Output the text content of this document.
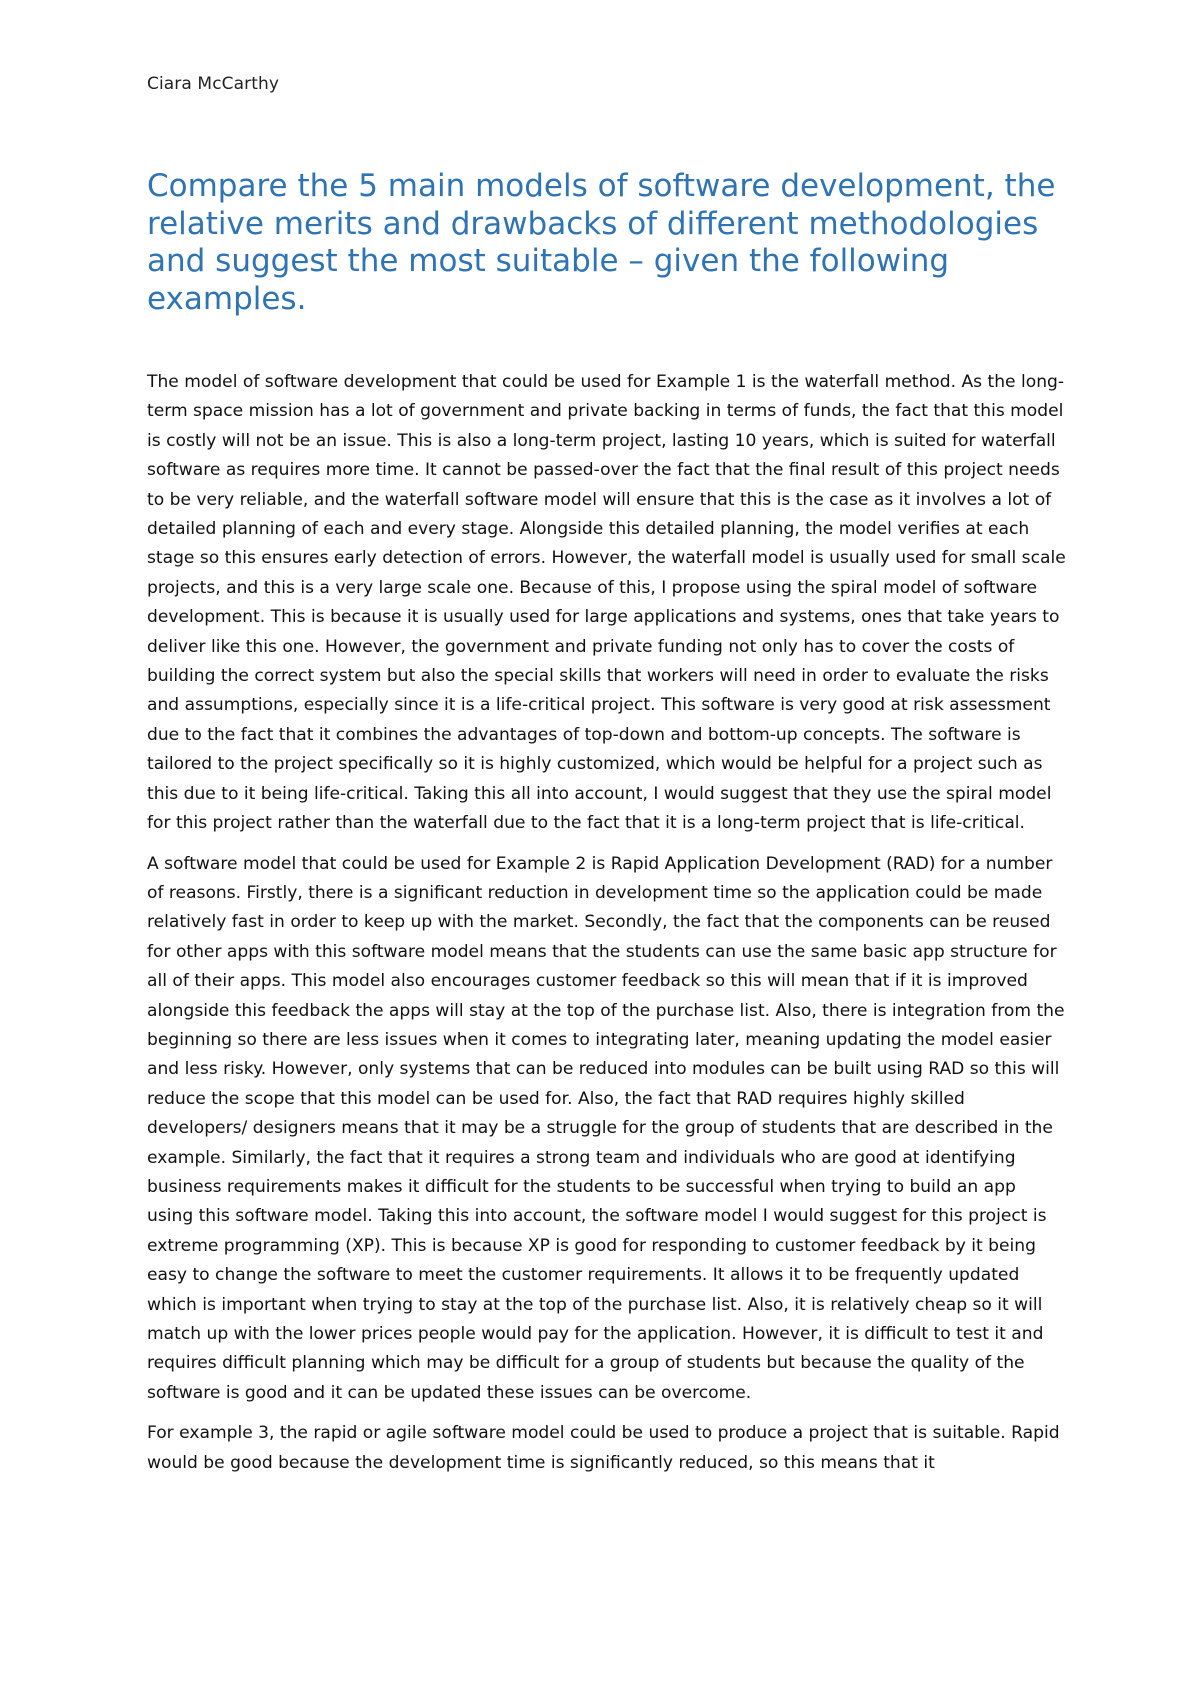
Ciara McCarthy
Compare the 5 main models of software development, the relative merits and drawbacks of different methodologies and suggest the most suitable – given the following examples.

The model of software development that could be used for Example 1 is the waterfall method. As the long-term space mission has a lot of government and private backing in terms of funds, the fact that this model is costly will not be an issue. This is also a long-term project, lasting 10 years, which is suited for waterfall software as requires more time. It cannot be passed-over the fact that the final result of this project needs to be very reliable, and the waterfall software model will ensure that this is the case as it involves a lot of detailed planning of each and every stage. Alongside this detailed planning, the model verifies at each stage so this ensures early detection of errors. However, the waterfall model is usually used for small scale projects, and this is a very large scale one. Because of this, I propose using the spiral model of software development. This is because it is usually used for large applications and systems, ones that take years to deliver like this one. However, the government and private funding not only has to cover the costs of building the correct system but also the special skills that workers will need in order to evaluate the risks and assumptions, especially since it is a life-critical project. This software is very good at risk assessment due to the fact that it combines the advantages of top-down and bottom-up concepts. The software is tailored to the project specifically so it is highly customized, which would be helpful for a project such as this due to it being life-critical. Taking this all into account, I would suggest that they use the spiral model for this project rather than the waterfall due to the fact that it is a long-term project that is life-critical.

A software model that could be used for Example 2 is Rapid Application Development (RAD) for a number of reasons. Firstly, there is a significant reduction in development time so the application could be made relatively fast in order to keep up with the market. Secondly, the fact that the components can be reused for other apps with this software model means that the students can use the same basic app structure for all of their apps. This model also encourages customer feedback so this will mean that if it is improved alongside this feedback the apps will stay at the top of the purchase list. Also, there is integration from the beginning so there are less issues when it comes to integrating later, meaning updating the model easier and less risky. However, only systems that can be reduced into modules can be built using RAD so this will reduce the scope that this model can be used for. Also, the fact that RAD requires highly skilled developers/ designers means that it may be a struggle for the group of students that are described in the example. Similarly, the fact that it requires a strong team and individuals who are good at identifying business requirements makes it difficult for the students to be successful when trying to build an app using this software model. Taking this into account, the software model I would suggest for this project is extreme programming (XP). This is because XP is good for responding to customer feedback by it being easy to change the software to meet the customer requirements. It allows it to be frequently updated which is important when trying to stay at the top of the purchase list. Also, it is relatively cheap so it will match up with the lower prices people would pay for the application. However, it is difficult to test it and requires difficult planning which may be difficult for a group of students but because the quality of the software is good and it can be updated these issues can be overcome.

For example 3, the rapid or agile software model could be used to produce a project that is suitable. Rapid would be good because the development time is significantly reduced, so this means that it
